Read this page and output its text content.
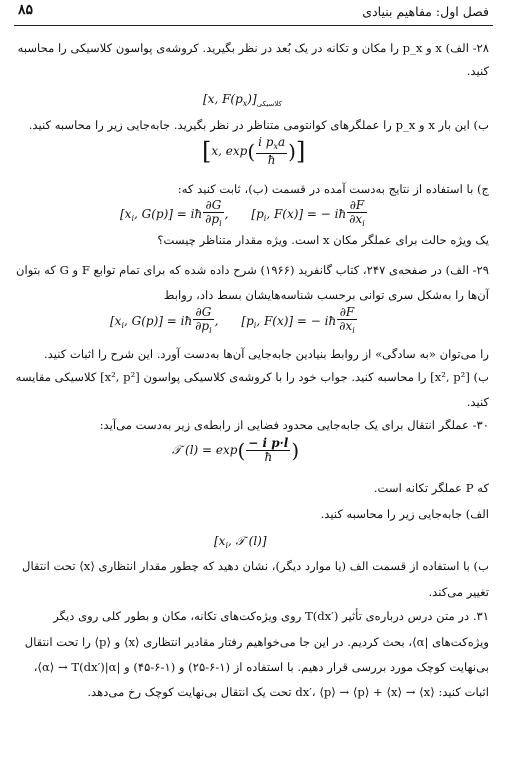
فصل اول: مفاهیم بنیادی
۸۵
۲۸- الف) x و p_x را مکان و تکانه در یک بُعد در نظر بگیرید. کروشه‌ی پواسون کلاسیکی را محاسبه
کنید.
[x, $F(p_x)]_{کلاسیکی}$
ب) این بار x و p_x را عملگرهای کوانتومی متناظر در نظر بگیرید. جابه‌جایی زیر را محاسبه کنید.
[x, $\exp( \frac{i p_xa}{ħ}$ )]
ج) با استفاده از نتایج به‌دست آمده در قسمت (ب)، ثابت کنید که:
[$x_i$, G(p)] = iħ $\frac{\partial G}{\partial p_i}$ , [$p_i$, F(x)] = − iħ $\frac{\partial F}{\partial x_i}$
یک ویژه حالت برای عملگر مکان x است. ویژه مقدار متناظر چیست؟
۲۹- الف) در صفحه‌ی ۲۴۷، کتاب گانفرید (۱۹۶۶) شرح داده شده که برای تمام توابع F و G که بتوان
آن‌ها را به‌شکل سری توانی برحسب شناسه‌هایشان بسط داد، روابط
[$x_i$, G(p)] = iħ $\frac{\partial G}{\partial p_i}$ , [$p_i$, F(x)] = − iħ $\frac{\partial F}{\partial x_i}$
را می‌توان «به سادگی» از روابط بنیادین جابه‌جایی آن‌ها به‌دست آورد. این شرح را اثبات کنید.
ب) [x², p²] را محاسبه کنید. جواب خود را با کروشه‌ی کلاسیکی پواسون [x², p²] کلاسیکی مقایسه
کنید.
۳۰- عملگر انتقال برای یک جابه‌جایی محدود فضایی از رابطه‌ی زیر به‌دست می‌آید:
𝒯 $(l) = \exp( \frac{\text{− i p·l}}{ħ}$ )
که P عملگر تکانه است.
الف) جابه‌جایی زیر را محاسبه کنید.
[$x_i$, 𝒯 (l)]
ب) با استفاده از قسمت الف (یا موارد دیگر)، نشان دهید که چطور مقدار انتظاری ⟨x⟩ تحت انتقال
تغییر می‌کند.
۳۱. در متن درس درباره‌ی تأثیر T(dx′) روی ویژه‌کت‌های تکانه، مکان و بطور کلی روی دیگر
ویژه‌کت‌های |α⟩، بحث کردیم. در این جا می‌خواهیم رفتار مقادیر انتظاری ⟨x⟩ و ⟨p⟩ را تحت انتقال
بی‌نهایت کوچک مورد بررسی قرار دهیم. با استفاده از (۱-۶-۲۵) و (۱-۶-۴۵) و |α⟩ → T(dx′)|α⟩،
اثبات کنید: ⟨x⟩ → ⟨x⟩ + dx′، ⟨p⟩ → ⟨p⟩ تحت یک انتقال بی‌نهایت کوچک رخ می‌دهد.
